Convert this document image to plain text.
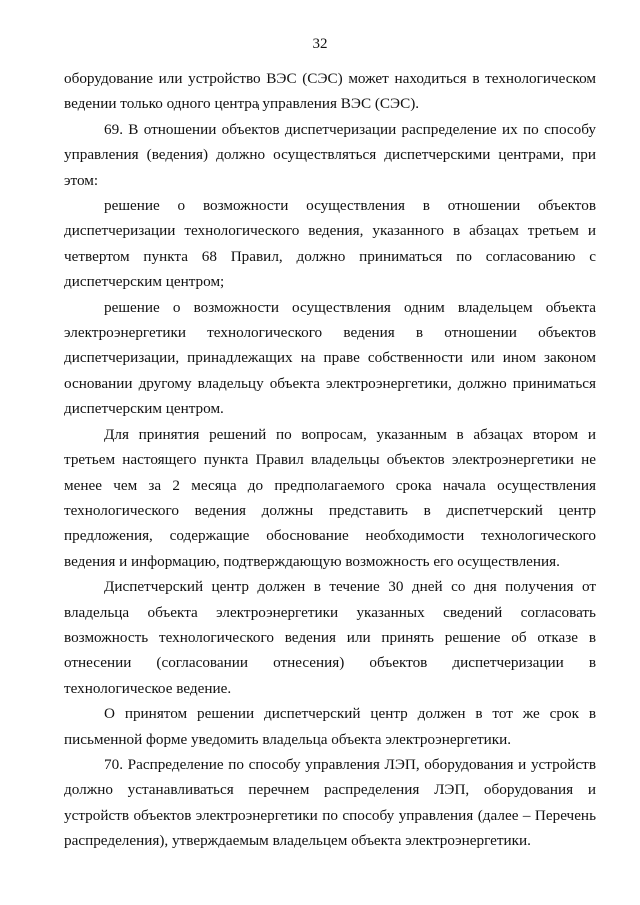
32

оборудование или устройство ВЭС (СЭС) может находиться в технологическом ведении только одного центра управления ВЭС (СЭС).

69. В отношении объектов диспетчеризации распределение их по способу управления (ведения) должно осуществляться диспетчерскими центрами, при этом:

решение о возможности осуществления в отношении объектов диспетчеризации технологического ведения, указанного в абзацах третьем и четвертом пункта 68 Правил, должно приниматься по согласованию с диспетчерским центром;

решение о возможности осуществления одним владельцем объекта электроэнергетики технологического ведения в отношении объектов диспетчеризации, принадлежащих на праве собственности или ином законом основании другому владельцу объекта электроэнергетики, должно приниматься диспетчерским центром.

Для принятия решений по вопросам, указанным в абзацах втором и третьем настоящего пункта Правил владельцы объектов электроэнергетики не менее чем за 2 месяца до предполагаемого срока начала осуществления технологического ведения должны представить в диспетчерский центр предложения, содержащие обоснование необходимости технологического ведения и информацию, подтверждающую возможность его осуществления.

Диспетчерский центр должен в течение 30 дней со дня получения от владельца объекта электроэнергетики указанных сведений согласовать возможность технологического ведения или принять решение об отказе в отнесении (согласовании отнесения) объектов диспетчеризации в технологическое ведение.

О принятом решении диспетчерский центр должен в тот же срок в письменной форме уведомить владельца объекта электроэнергетики.

70. Распределение по способу управления ЛЭП, оборудования и устройств должно устанавливаться перечнем распределения ЛЭП, оборудования и устройств объектов электроэнергетики по способу управления (далее – Перечень распределения), утверждаемым владельцем объекта электроэнергетики.
